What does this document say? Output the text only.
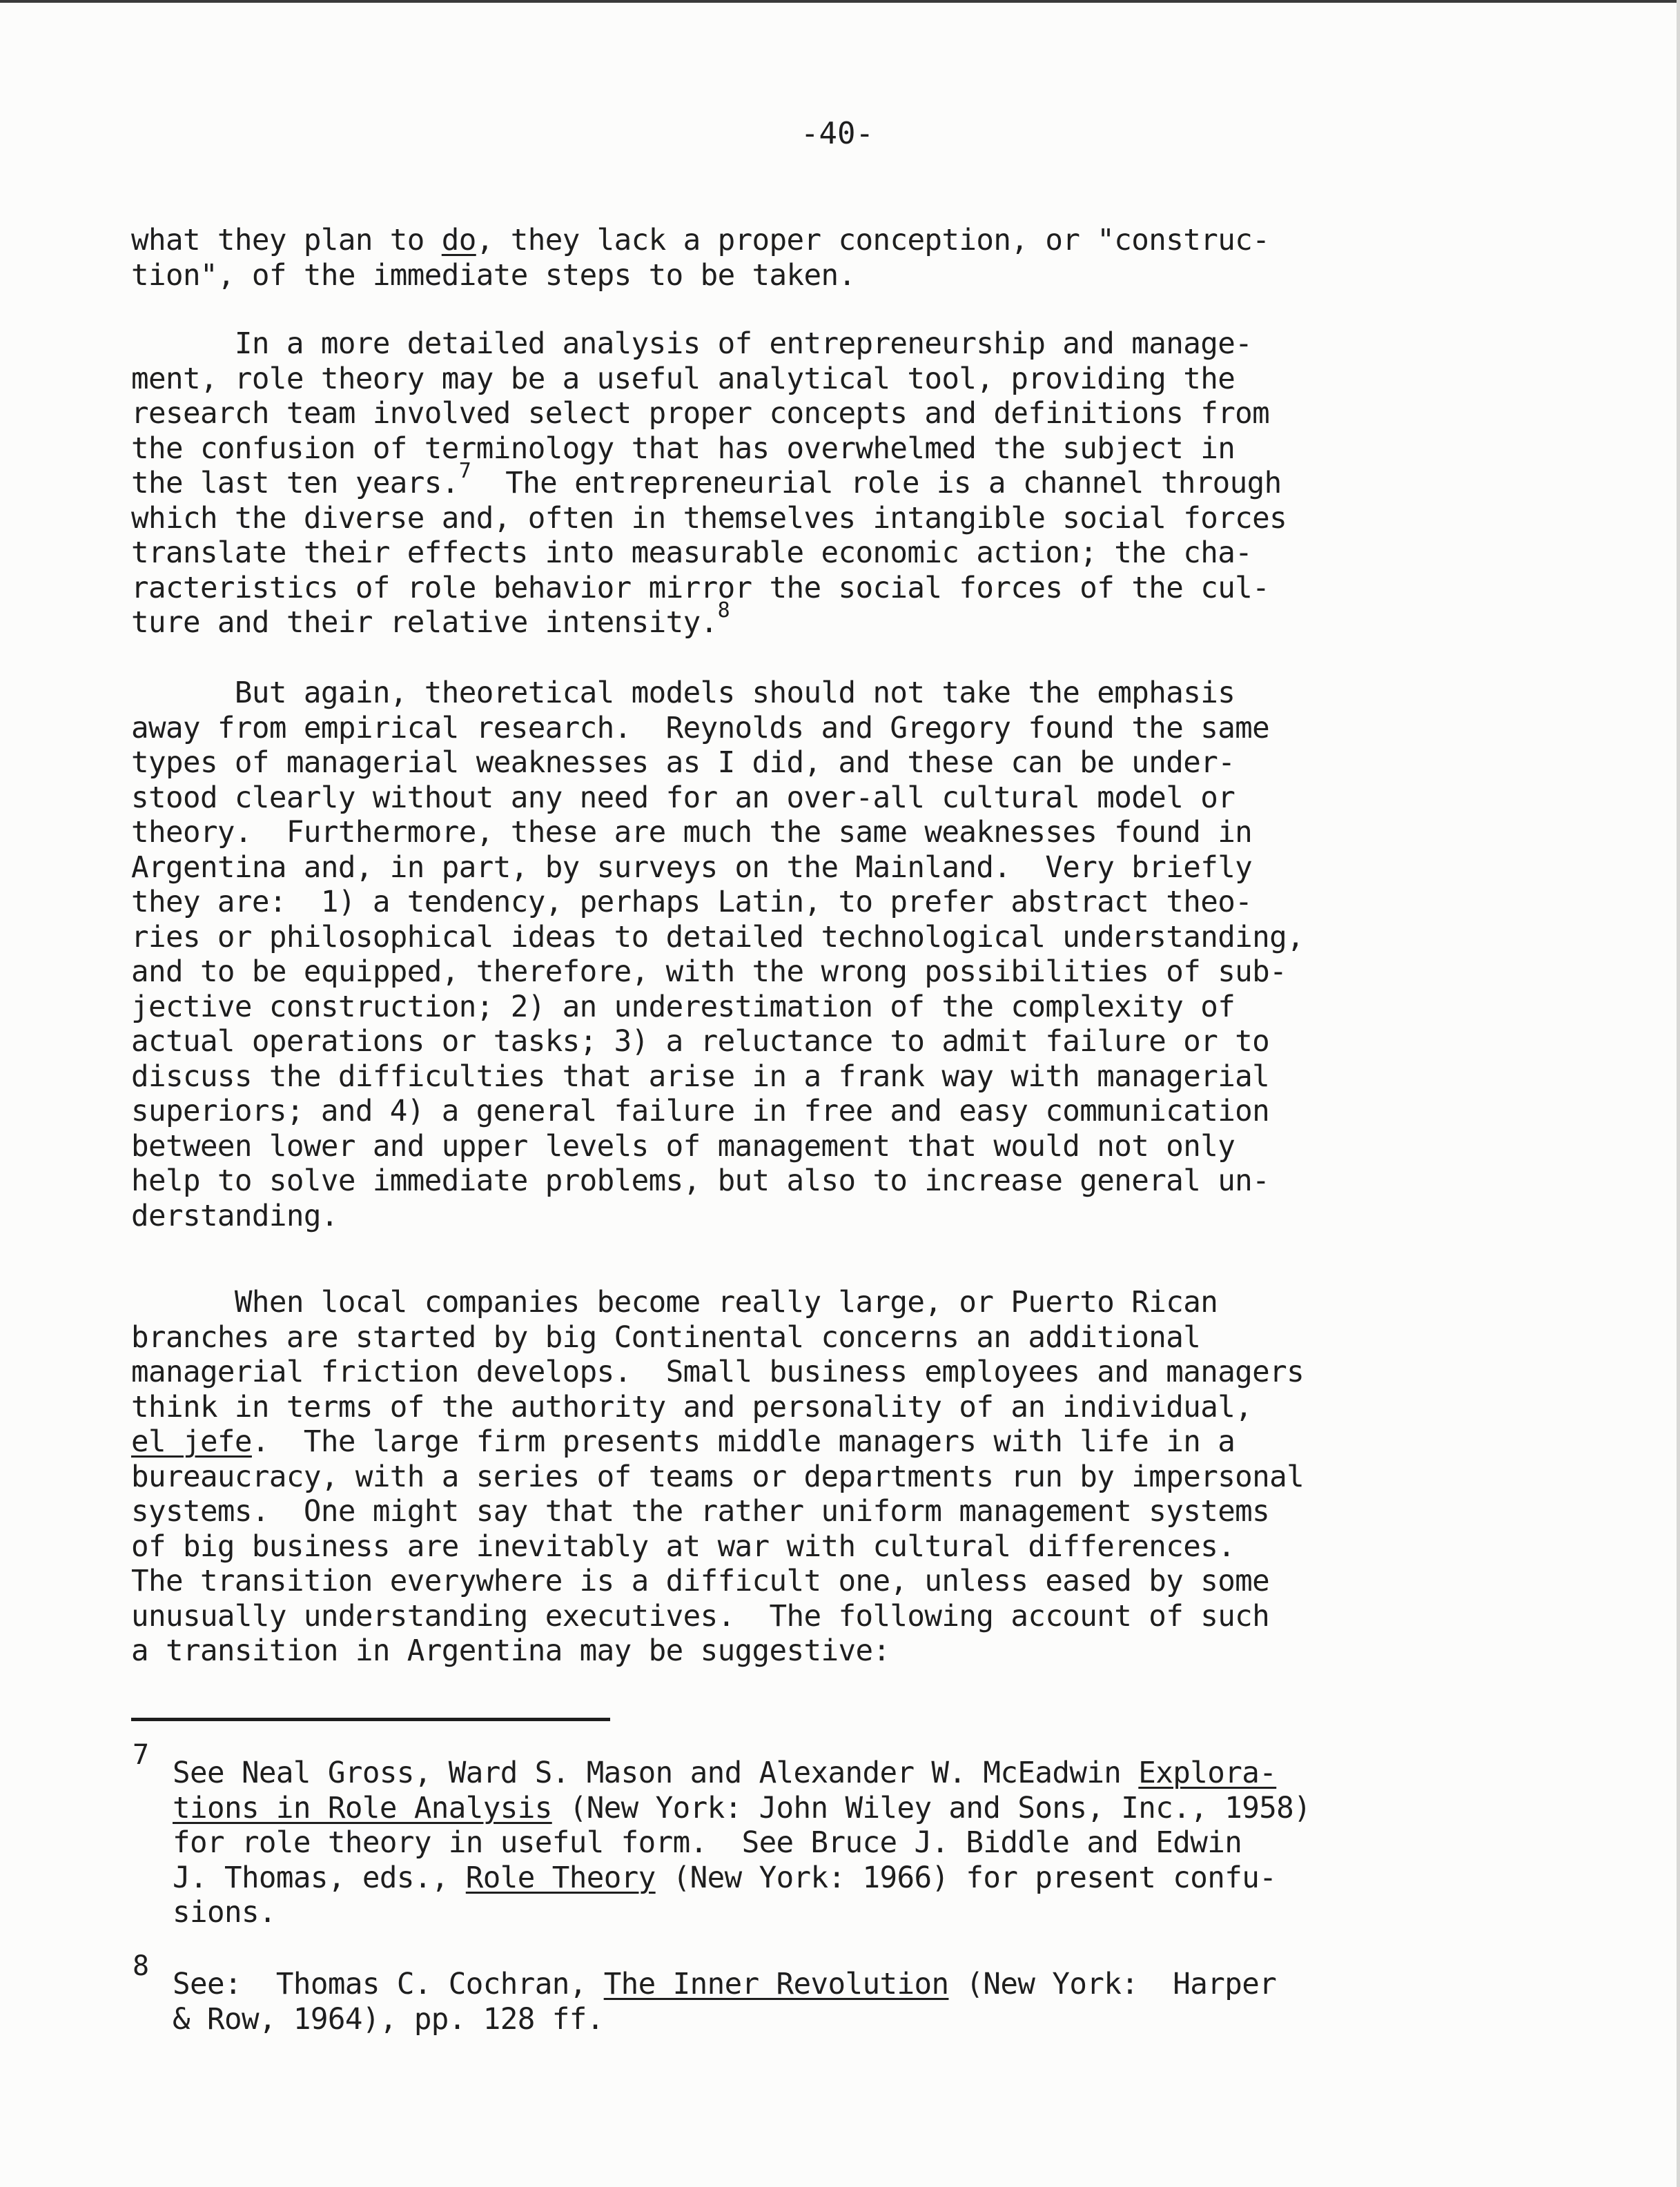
-40-
what they plan to do, they lack a proper conception, or "construc-
tion", of the immediate steps to be taken.
In a more detailed analysis of entrepreneurship and manage-
ment, role theory may be a useful analytical tool, providing the
research team involved select proper concepts and definitions from
the confusion of terminology that has overwhelmed the subject in
the last ten years.$^7$  The entrepreneurial role is a channel through
which the diverse and, often in themselves intangible social forces
translate their effects into measurable economic action; the cha-
racteristics of role behavior mirror the social forces of the cul-
ture and their relative intensity.$^8$
But again, theoretical models should not take the emphasis
away from empirical research.  Reynolds and Gregory found the same
types of managerial weaknesses as I did, and these can be under-
stood clearly without any need for an over-all cultural model or
theory.  Furthermore, these are much the same weaknesses found in
Argentina and, in part, by surveys on the Mainland.  Very briefly
they are:  1) a tendency, perhaps Latin, to prefer abstract theo-
ries or philosophical ideas to detailed technological understanding,
and to be equipped, therefore, with the wrong possibilities of sub-
jective construction; 2) an underestimation of the complexity of
actual operations or tasks; 3) a reluctance to admit failure or to
discuss the difficulties that arise in a frank way with managerial
superiors; and 4) a general failure in free and easy communication
between lower and upper levels of management that would not only
help to solve immediate problems, but also to increase general un-
derstanding.
When local companies become really large, or Puerto Rican
branches are started by big Continental concerns an additional
managerial friction develops.  Small business employees and managers
think in terms of the authority and personality of an individual,
el jefe.  The large firm presents middle managers with life in a
bureaucracy, with a series of teams or departments run by impersonal
systems.  One might say that the rather uniform management systems
of big business are inevitably at war with cultural differences.
The transition everywhere is a difficult one, unless eased by some
unusually understanding executives.  The following account of such
a transition in Argentina may be suggestive:
7
See Neal Gross, Ward S. Mason and Alexander W. McEadwin Explora-
tions in Role Analysis (New York: John Wiley and Sons, Inc., 1958)
for role theory in useful form.  See Bruce J. Biddle and Edwin
J. Thomas, eds., Role Theory (New York: 1966) for present confu-
sions.
8
See:  Thomas C. Cochran, The Inner Revolution (New York:  Harper
& Row, 1964), pp. 128 ff.
